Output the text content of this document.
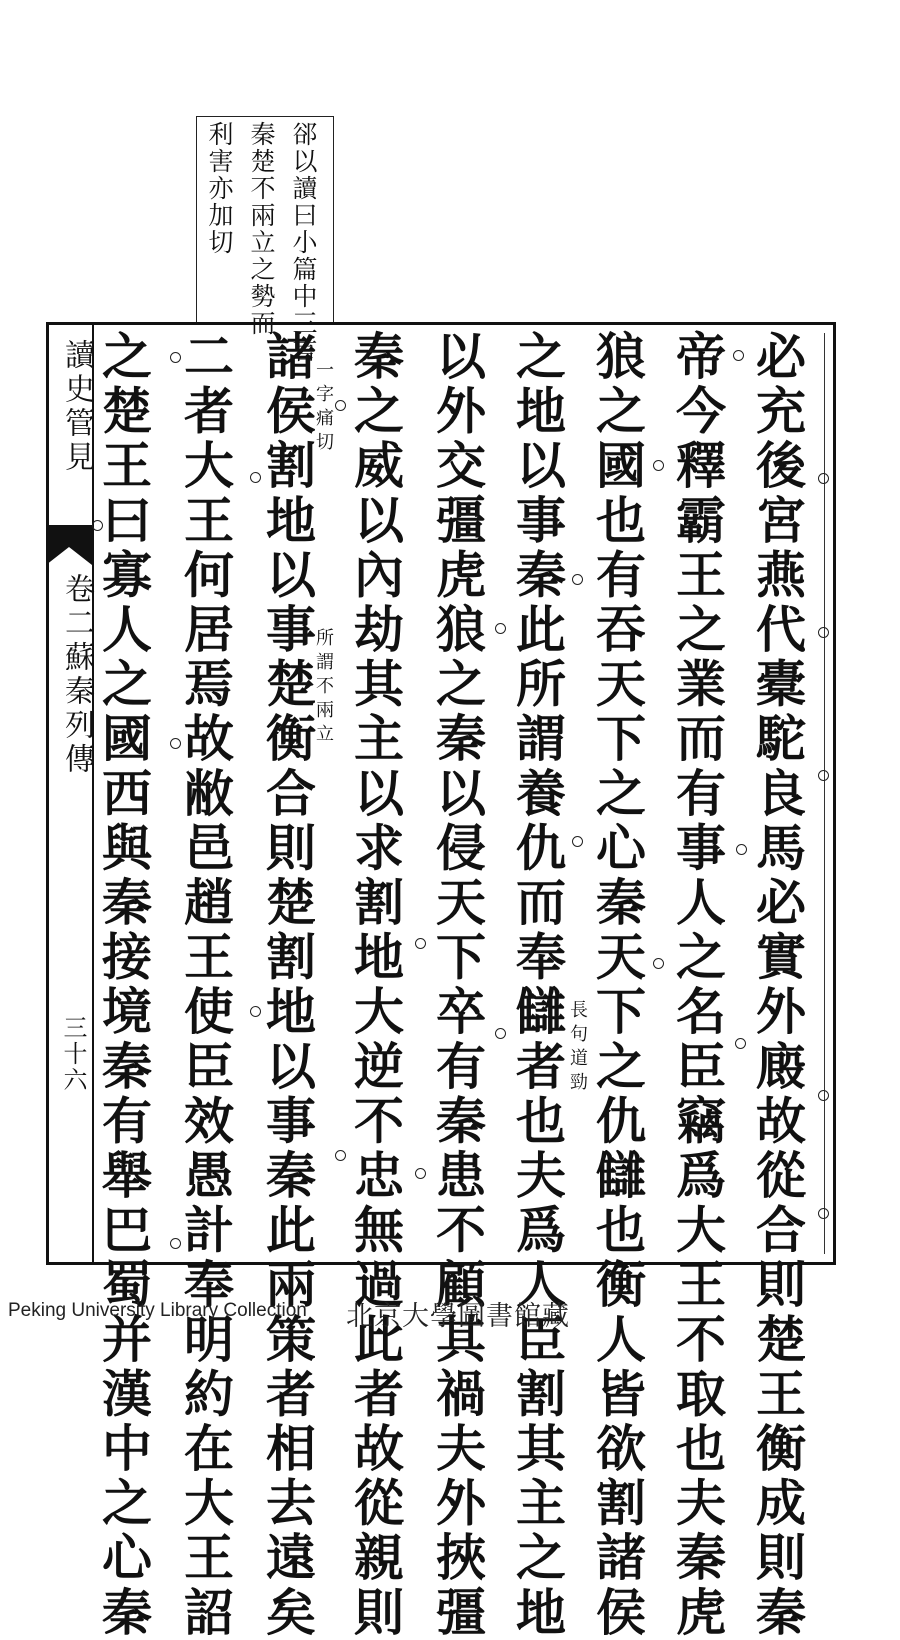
郤以讀曰小篇中三言
秦楚不兩立之勢而
利害亦加切
讀史管見
卷二蘇秦列傳
三十六	必充後宮燕代橐駝良馬必實外廄故從合則楚王衡成則秦
帝今釋霸王之業而有事人之名臣竊爲大王不取也夫秦虎
狼之國也有吞天下之心秦天下之仇讎也衡人皆欲割諸侯
之地以事秦此所謂養仇而奉讎者也夫爲人臣割其主之地
以外交彊虎狼之秦以侵天下卒有秦患不顧其禍夫外挾彊
秦之威以內劫其主以求割地大逆不忠無過此者故從親則
諸侯割地以事楚衡合則楚割地以事秦此兩策者相去遠矣
二者大王何居焉故敝邑趙王使臣效愚計奉明約在大王詔
之楚王曰寡人之國西與秦接境秦有舉巴蜀并漢中之心秦	長句道勁
一字痛切
所謂不兩立
Peking University Library Collection 北京大學圖書館藏
